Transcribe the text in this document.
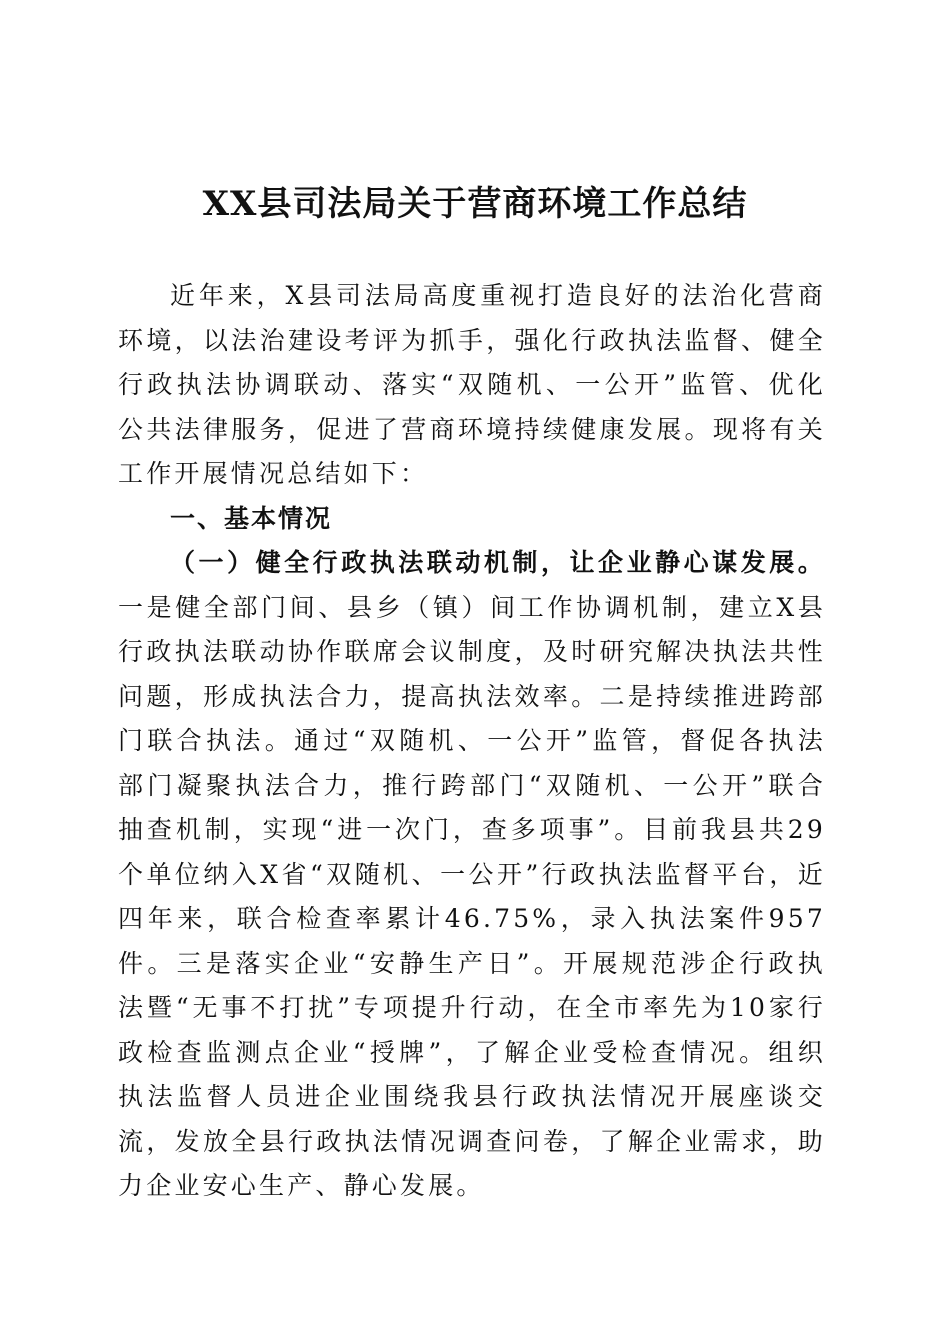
XX县司法局关于营商环境工作总结

近年来，X县司法局高度重视打造良好的法治化营商环境，以法治建设考评为抓手，强化行政执法监督、健全行政执法协调联动、落实“双随机、一公开”监管、优化公共法律服务，促进了营商环境持续健康发展。现将有关工作开展情况总结如下：

一、基本情况

（一）健全行政执法联动机制，让企业静心谋发展。一是健全部门间、县乡（镇）间工作协调机制，建立X县行政执法联动协作联席会议制度，及时研究解决执法共性问题，形成执法合力，提高执法效率。二是持续推进跨部门联合执法。通过“双随机、一公开”监管，督促各执法部门凝聚执法合力，推行跨部门“双随机、一公开”联合抽查机制，实现“进一次门，查多项事”。目前我县共29个单位纳入X省“双随机、一公开”行政执法监督平台，近四年来，联合检查率累计46.75%，录入执法案件957件。三是落实企业“安静生产日”。开展规范涉企行政执法暨“无事不打扰”专项提升行动，在全市率先为10家行政检查监测点企业“授牌”，了解企业受检查情况。组织执法监督人员进企业围绕我县行政执法情况开展座谈交流，发放全县行政执法情况调查问卷，了解企业需求，助力企业安心生产、静心发展。
